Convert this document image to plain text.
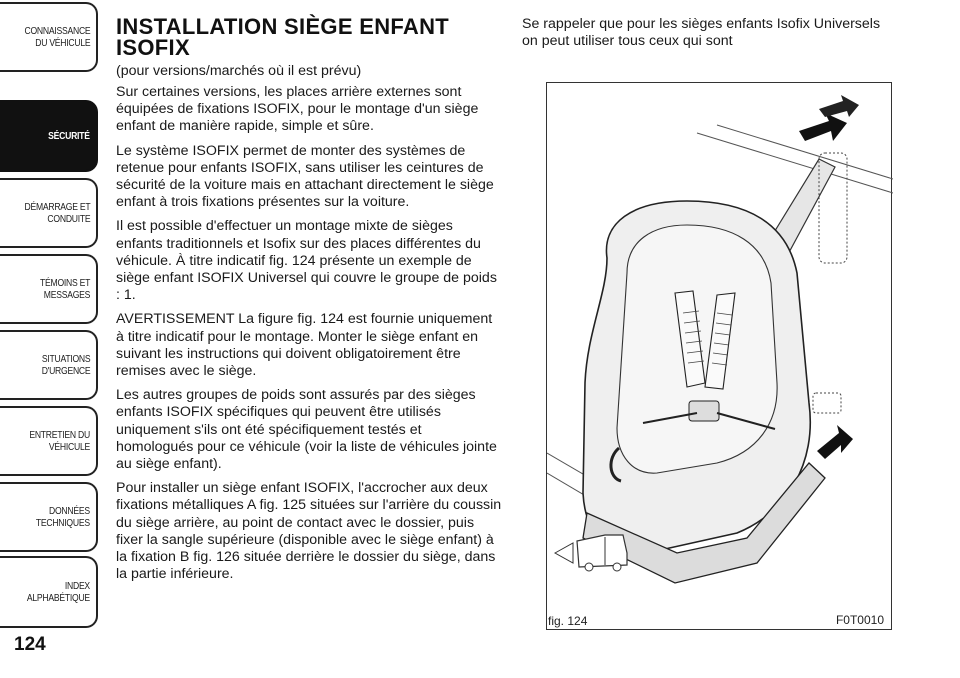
CONNAISSANCE
DU VÉHICULE
SÉCURITÉ
DÉMARRAGE ET
CONDUITE
TÉMOINS ET
MESSAGES
SITUATIONS
D'URGENCE
ENTRETIEN DU
VÉHICULE
DONNÉES
TECHNIQUES
INDEX
ALPHABÉTIQUE
124
INSTALLATION SIÈGE ENFANT
ISOFIX

(pour versions/marchés où il est prévu)

Sur certaines versions, les places arrière externes sont équipées de fixations ISOFIX, pour le montage d'un siège enfant de manière rapide, simple et sûre.

Le système ISOFIX permet de monter des systèmes de retenue pour enfants ISOFIX, sans utiliser les ceintures de sécurité de la voiture mais en attachant directement le siège enfant à trois fixations présentes sur la voiture.

Il est possible d'effectuer un montage mixte de sièges enfants traditionnels et Isofix sur des places différentes du véhicule. À titre indicatif fig. 124 présente un exemple de siège enfant ISOFIX Universel qui couvre le groupe de poids : 1.

AVERTISSEMENT La figure fig. 124 est fournie uniquement à titre indicatif pour le montage. Monter le siège enfant en suivant les instructions qui doivent obligatoirement être remises avec le siège.

Les autres groupes de poids sont assurés par des sièges enfants ISOFIX spécifiques qui peuvent être utilisés uniquement s'ils ont été spécifiquement testés et homologués pour ce véhicule (voir la liste de véhicules jointe au siège enfant).

Pour installer un siège enfant ISOFIX, l'accrocher aux deux fixations métalliques A fig. 125 situées sur l'arrière du coussin du siège arrière, au point de contact avec le dossier, puis fixer la sangle supérieure (disponible avec le siège enfant) à la fixation B fig. 126 située derrière le dossier du siège, dans la partie inférieure.

Se rappeler que pour les sièges enfants Isofix Universels on peut utiliser tous ceux qui sont

fig. 124	F0T0010
